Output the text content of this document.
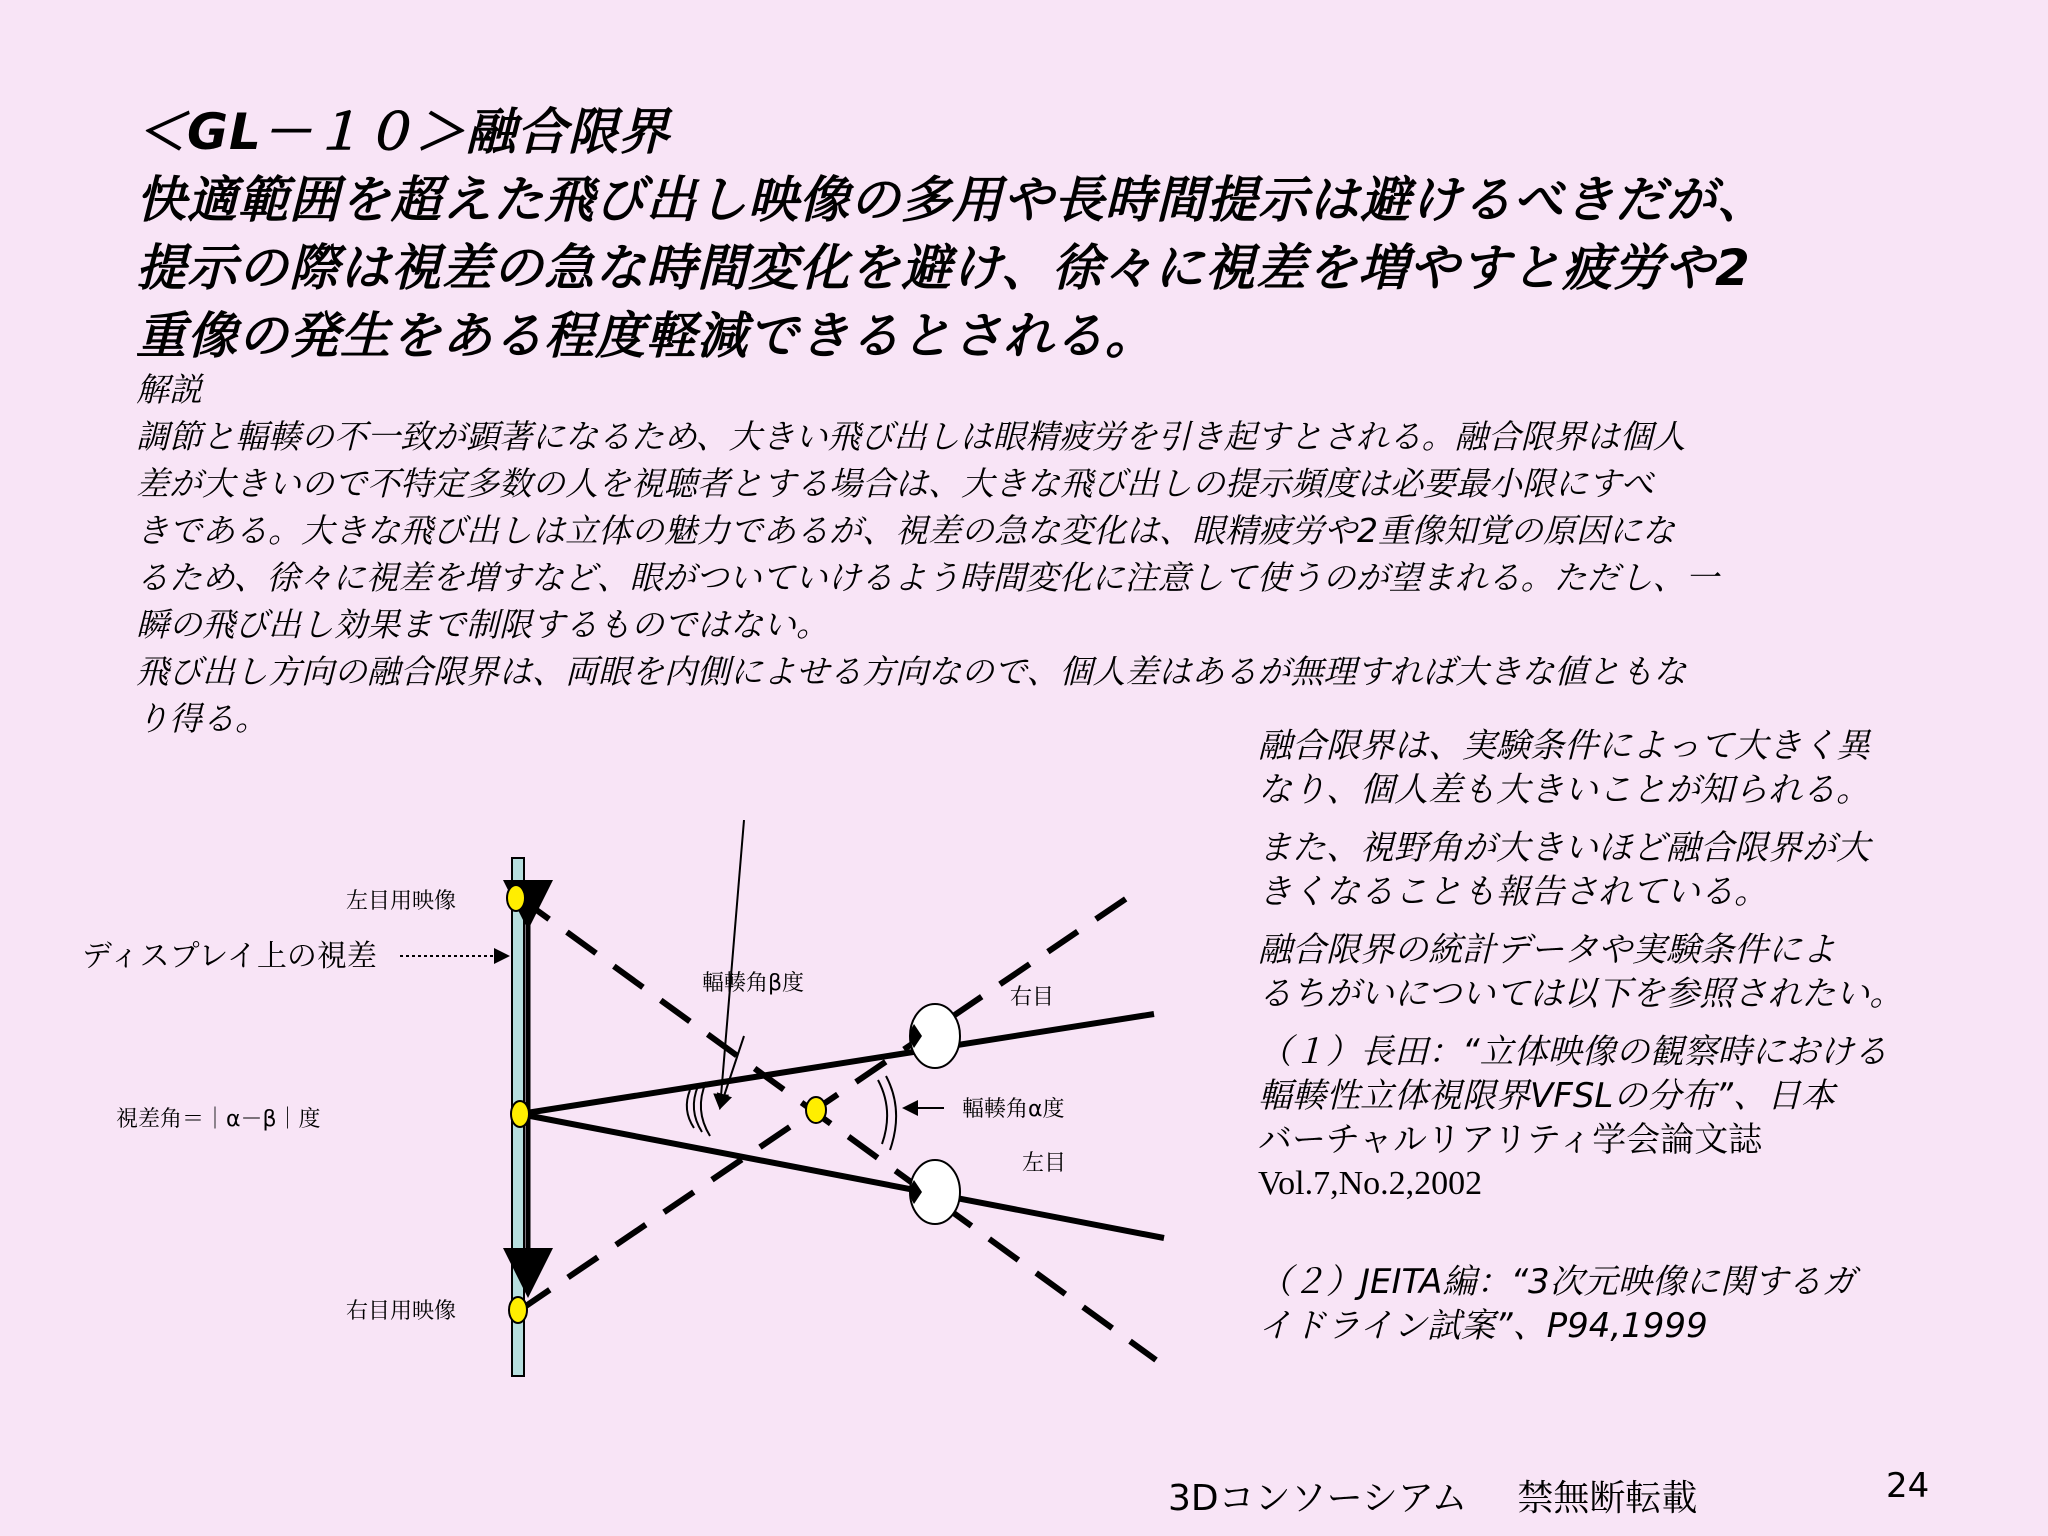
＜GL－１０＞融合限界
快適範囲を超えた飛び出し映像の多用や長時間提示は避けるべきだが、
提示の際は視差の急な時間変化を避け、徐々に視差を増やすと疲労や2
重像の発生をある程度軽減できるとされる。
解説
調節と輻輳の不一致が顕著になるため、大きい飛び出しは眼精疲労を引き起すとされる。融合限界は個人
差が大きいので不特定多数の人を視聴者とする場合は、大きな飛び出しの提示頻度は必要最小限にすべ
きである。大きな飛び出しは立体の魅力であるが、視差の急な変化は、眼精疲労や2重像知覚の原因にな
るため、徐々に視差を増すなど、眼がついていけるよう時間変化に注意して使うのが望まれる。ただし、一
瞬の飛び出し効果まで制限するものではない。
飛び出し方向の融合限界は、両眼を内側によせる方向なので、個人差はあるが無理すれば大きな値ともな
り得る。
融合限界は、実験条件によって大きく異
なり、個人差も大きいことが知られる。
また、視野角が大きいほど融合限界が大
きくなることも報告されている。
融合限界の統計データや実験条件によ
るちがいについては以下を参照されたい。
（１）長田：“立体映像の観察時における
輻輳性立体視限界VFSLの分布”、日本
バーチャルリアリティ学会論文誌
Vol.7,No.2,2002
（２）JEITA編：“3次元映像に関するガ
イドライン試案”、P94,1999
左目用映像
右目用映像
ディスプレイ上の視差
視差角＝｜α－β｜度
輻輳角β度
輻輳角α度
右目
左目
3Dコンソーシアム 禁無断転載	24
